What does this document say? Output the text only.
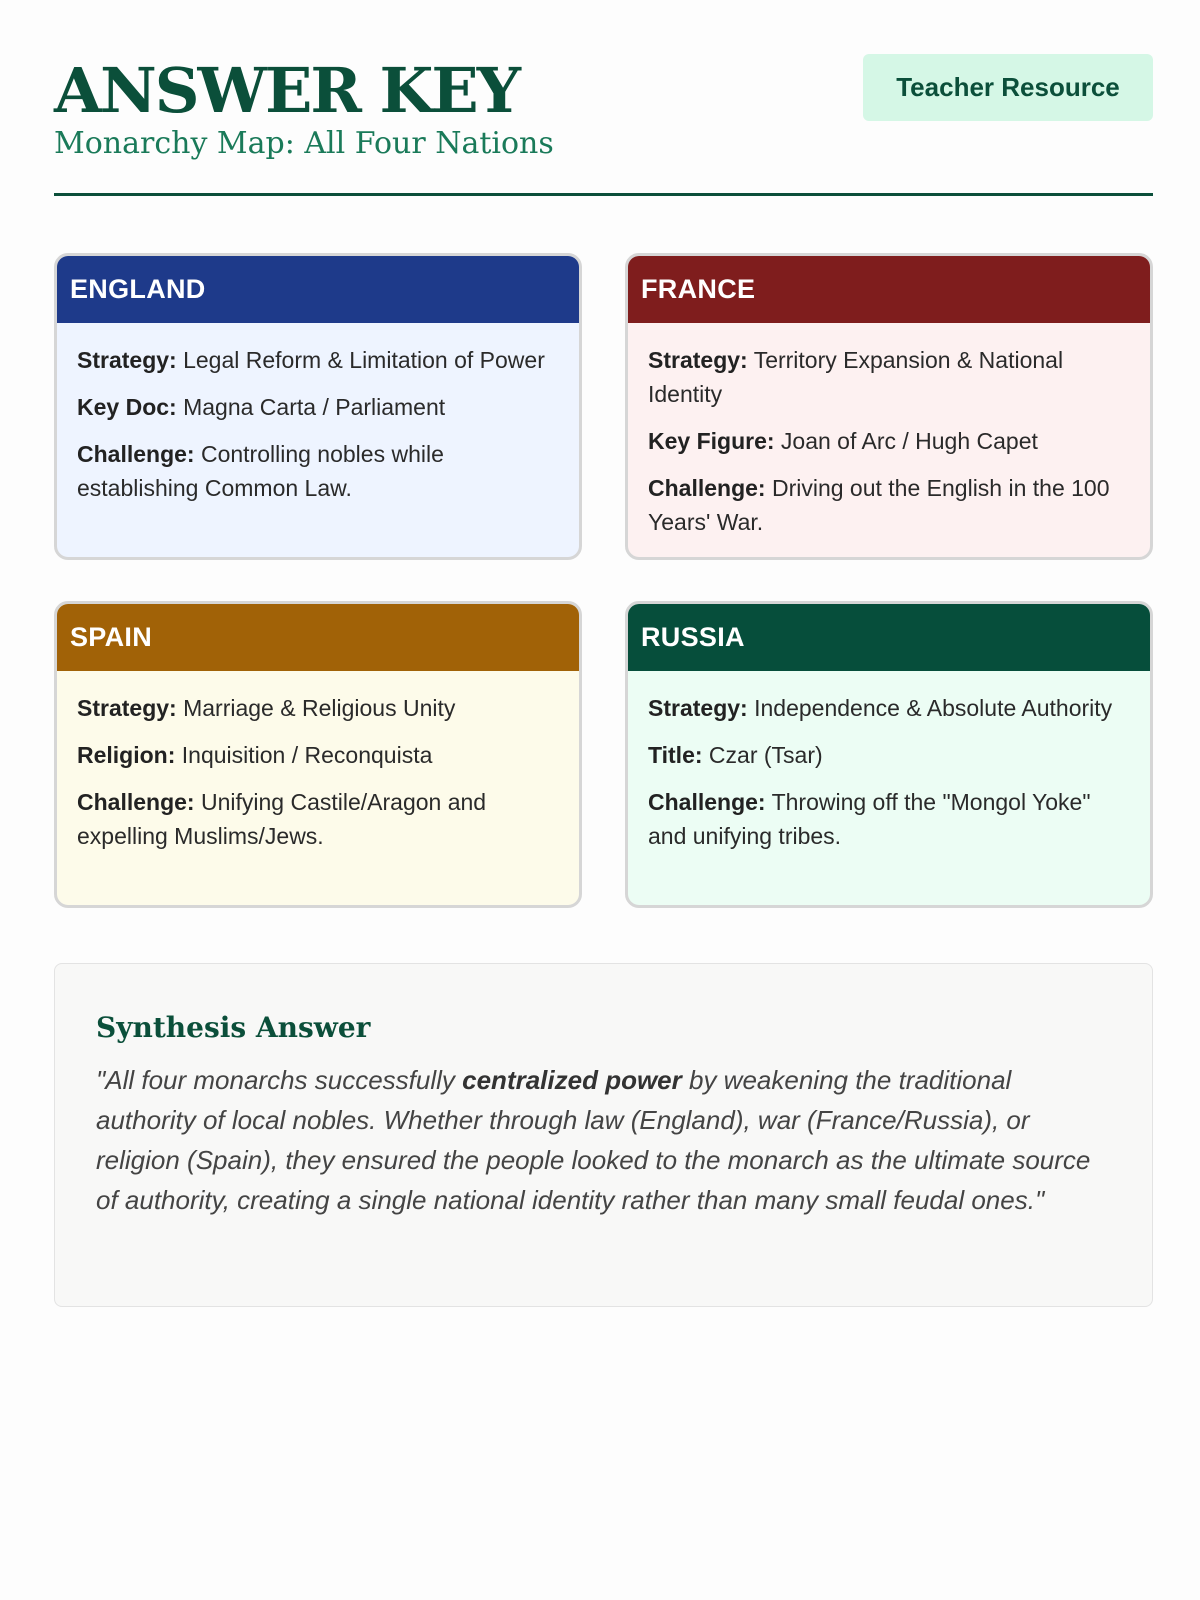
ANSWER KEY
Monarchy Map: All Four Nations
Teacher Resource
ENGLAND
Strategy: Legal Reform & Limitation of Power
Key Doc: Magna Carta / Parliament
Challenge: Controlling nobles while establishing Common Law.
FRANCE
Strategy: Territory Expansion & National Identity
Key Figure: Joan of Arc / Hugh Capet
Challenge: Driving out the English in the 100 Years' War.
SPAIN
Strategy: Marriage & Religious Unity
Religion: Inquisition / Reconquista
Challenge: Unifying Castile/Aragon and expelling Muslims/Jews.
RUSSIA
Strategy: Independence & Absolute Authority
Title: Czar (Tsar)
Challenge: Throwing off the "Mongol Yoke" and unifying tribes.
Synthesis Answer
"All four monarchs successfully centralized power by weakening the traditional authority of local nobles. Whether through law (England), war (France/Russia), or religion (Spain), they ensured the people looked to the monarch as the ultimate source of authority, creating a single national identity rather than many small feudal ones."
